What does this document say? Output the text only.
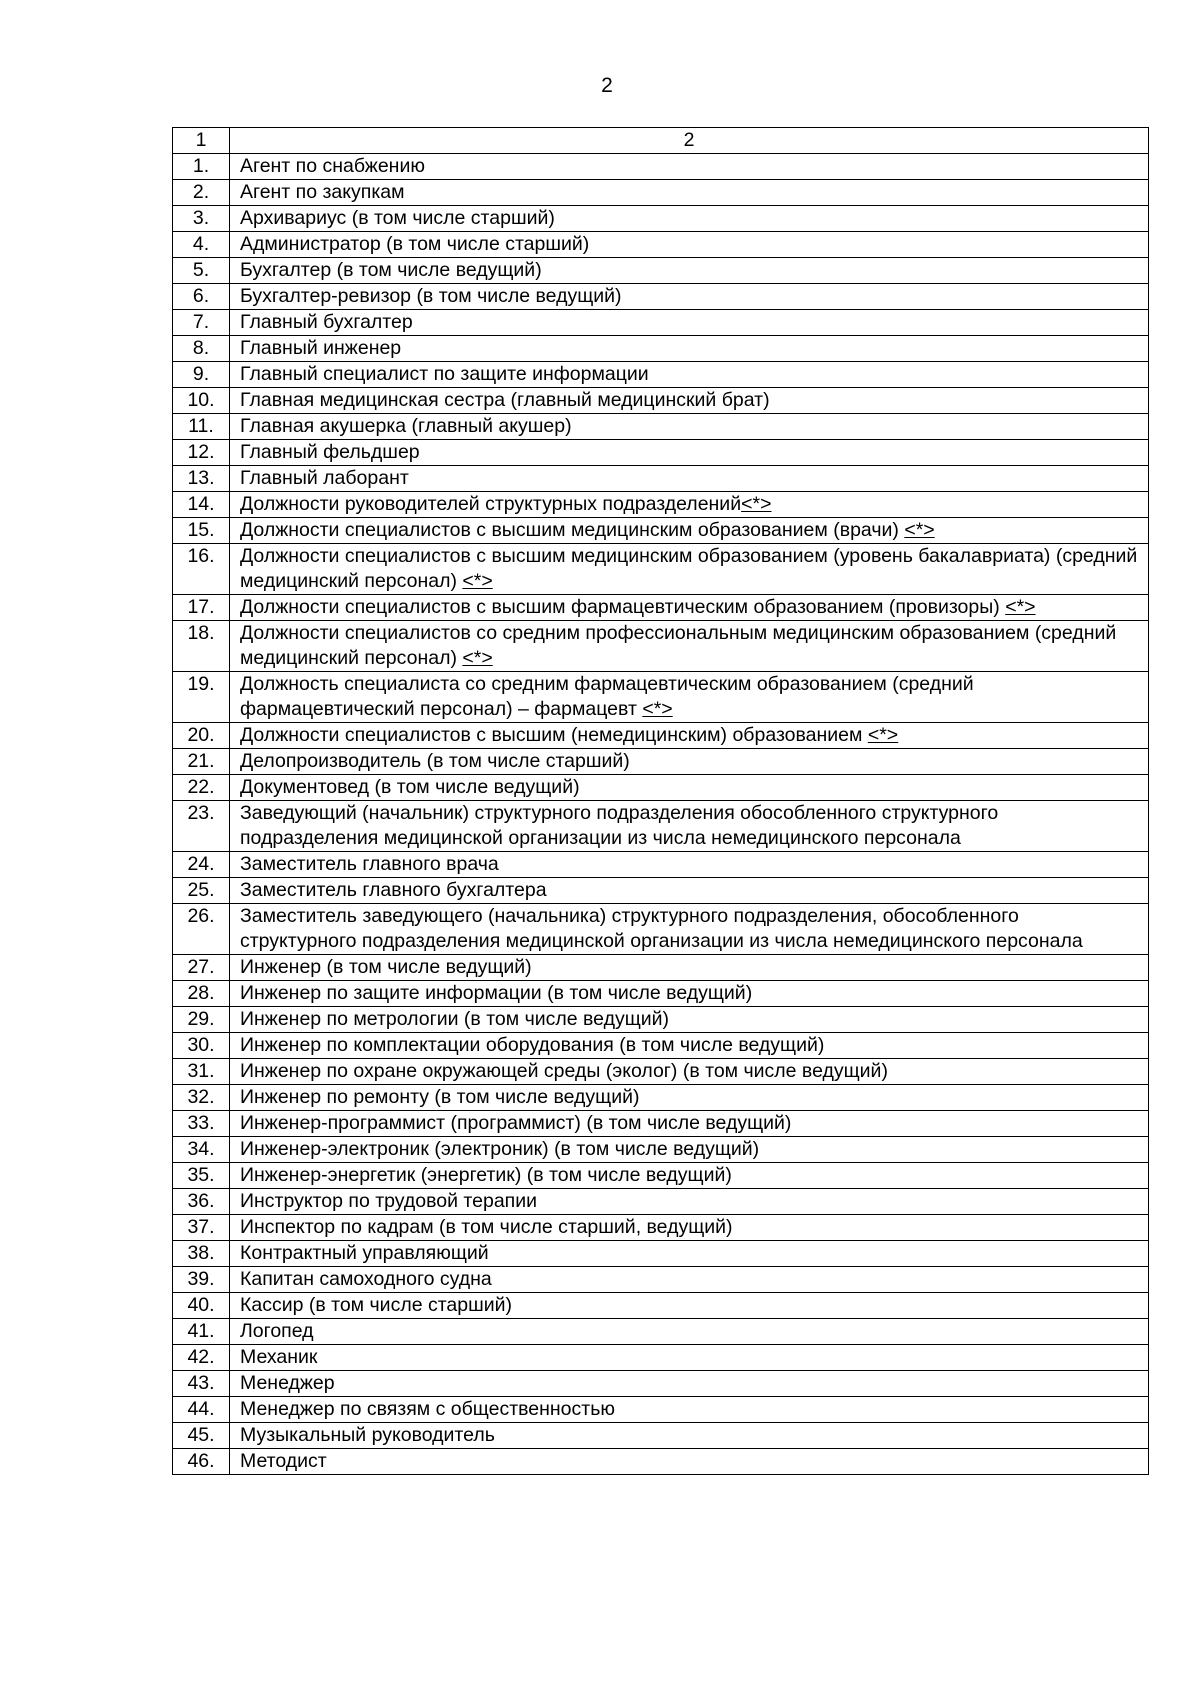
2
1	2
1.	Агент по снабжению
2.	Агент по закупкам
3.	Архивариус (в том числе старший)
4.	Администратор (в том числе старший)
5.	Бухгалтер (в том числе ведущий)
6.	Бухгалтер-ревизор (в том числе ведущий)
7.	Главный бухгалтер
8.	Главный инженер
9.	Главный специалист по защите информации
10.	Главная медицинская сестра (главный медицинский брат)
11.	Главная акушерка (главный акушер)
12.	Главный фельдшер
13.	Главный лаборант
14.	Должности руководителей структурных подразделений<*>
15.	Должности специалистов с высшим медицинским образованием (врачи) <*>
16.	Должности специалистов с высшим медицинским образованием (уровень бакалавриата) (средний медицинский персонал) <*>
17.	Должности специалистов с высшим фармацевтическим образованием (провизоры) <*>
18.	Должности специалистов со средним профессиональным медицинским образованием (средний медицинский персонал) <*>
19.	Должность специалиста со средним фармацевтическим образованием (средний фармацевтический персонал) – фармацевт <*>
20.	Должности специалистов с высшим (немедицинским) образованием <*>
21.	Делопроизводитель (в том числе старший)
22.	Документовед (в том числе ведущий)
23.	Заведующий (начальник) структурного подразделения обособленного структурного подразделения медицинской организации из числа немедицинского персонала
24.	Заместитель главного врача
25.	Заместитель главного бухгалтера
26.	Заместитель заведующего (начальника) структурного подразделения, обособленного структурного подразделения медицинской организации из числа немедицинского персонала
27.	Инженер (в том числе ведущий)
28.	Инженер по защите информации (в том числе ведущий)
29.	Инженер по метрологии (в том числе ведущий)
30.	Инженер по комплектации оборудования (в том числе ведущий)
31.	Инженер по охране окружающей среды (эколог) (в том числе ведущий)
32.	Инженер по ремонту (в том числе ведущий)
33.	Инженер-программист (программист) (в том числе ведущий)
34.	Инженер-электроник (электроник) (в том числе ведущий)
35.	Инженер-энергетик (энергетик) (в том числе ведущий)
36.	Инструктор по трудовой терапии
37.	Инспектор по кадрам (в том числе старший, ведущий)
38.	Контрактный управляющий
39.	Капитан самоходного судна
40.	Кассир (в том числе старший)
41.	Логопед
42.	Механик
43.	Менеджер
44.	Менеджер по связям с общественностью
45.	Музыкальный руководитель
46.	Методист
